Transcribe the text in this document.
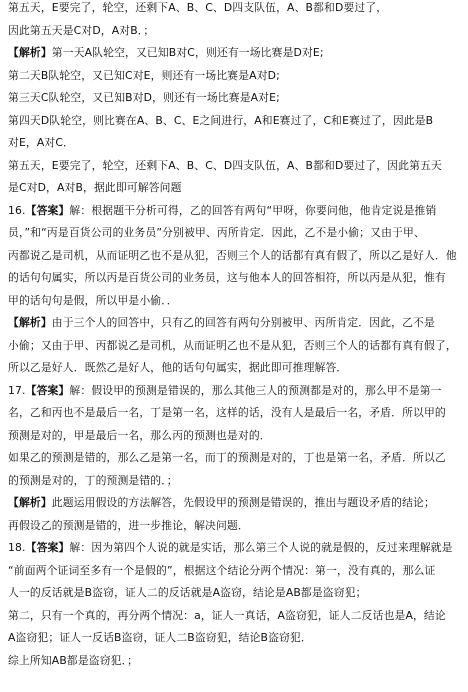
第五天，E要完了，轮空，还剩下A、B、C、D四支队伍，A、B都和D要过了，
因此第五天是C对D，A对B．；
【解析】第一天A队轮空，又已知B对C，则还有一场比赛是D对E;
第二天B队轮空，又已知C对E，则还有一场比赛是A对D;
第三天C队轮空，又已知B对D，则还有一场比赛是A对E;
第四天D队轮空，则比赛在A、B、C、E之间进行，A和E赛过了，C和E赛过了，因此是B
对E，A对C．
第五天，E要完了，轮空，还剩下A、B、C、D四支队伍，A、B都和D要过了，因此第五天
是C对D，A对B，据此即可解答问题
16.【答案】解：根据题干分析可得，乙的回答有两句“甲呀，你要问他，他肯定说是推销
员，”和“丙是百货公司的业务员”分别被甲、丙所肯定．因此，乙不是小偷；又由于甲、
丙都说乙是司机，从而证明乙也不是从犯，否则三个人的话都有真有假了，所以乙是好人．他
的话句句属实，所以丙是百货公司的业务员，这与他本人的回答相符，所以丙是从犯，惟有
甲的话句句是假，所以甲是小偷．．
【解析】由于三个人的回答中，只有乙的回答有两句分别被甲、丙所肯定．因此，乙不是
小偷；又由于甲、丙都说乙是司机，从而证明乙也不是从犯，否则三个人的话都有真有假了，
所以乙是好人．既然乙是好人，他的话句句属实，据此即可推理解答．
17.【答案】解：假设甲的预测是错误的，那么其他三人的预测都是对的，那么甲不是第一
名，乙和丙也不是最后一名，丁是第一名，这样的话，没有人是最后一名，矛盾．所以甲的
预测是对的，甲是最后一名，那么丙的预测也是对的．
如果乙的预测是错的，那么乙是第一名，而丁的预测是对的，丁也是第一名，矛盾．所以乙
的预测是对的，丁的预测是错的．；
【解析】此题运用假设的方法解答，先假设甲的预测是错误的，推出与题设矛盾的结论；
再假设乙的预测是错的，进一步推论，解决问题．
18.【答案】解：因为第四个人说的就是实话，那么第三个人说的就是假的，反过来理解就是
“前面两个证词至多有一个是假的”，根据这个结论分两个情况：第一，没有真的，那么证
人一的反话就是B盗窃，证人二的反话就是A盗窃，结论是AB都是盗窃犯；
第二，只有一个真的，再分两个情况：a，证人一真话，A盗窃犯，证人二反话也是A，结论
A盗窃犯；证人一反话B盗窃，证人二B盗窃犯，结论B盗窃犯．
综上所知AB都是盗窃犯．；
